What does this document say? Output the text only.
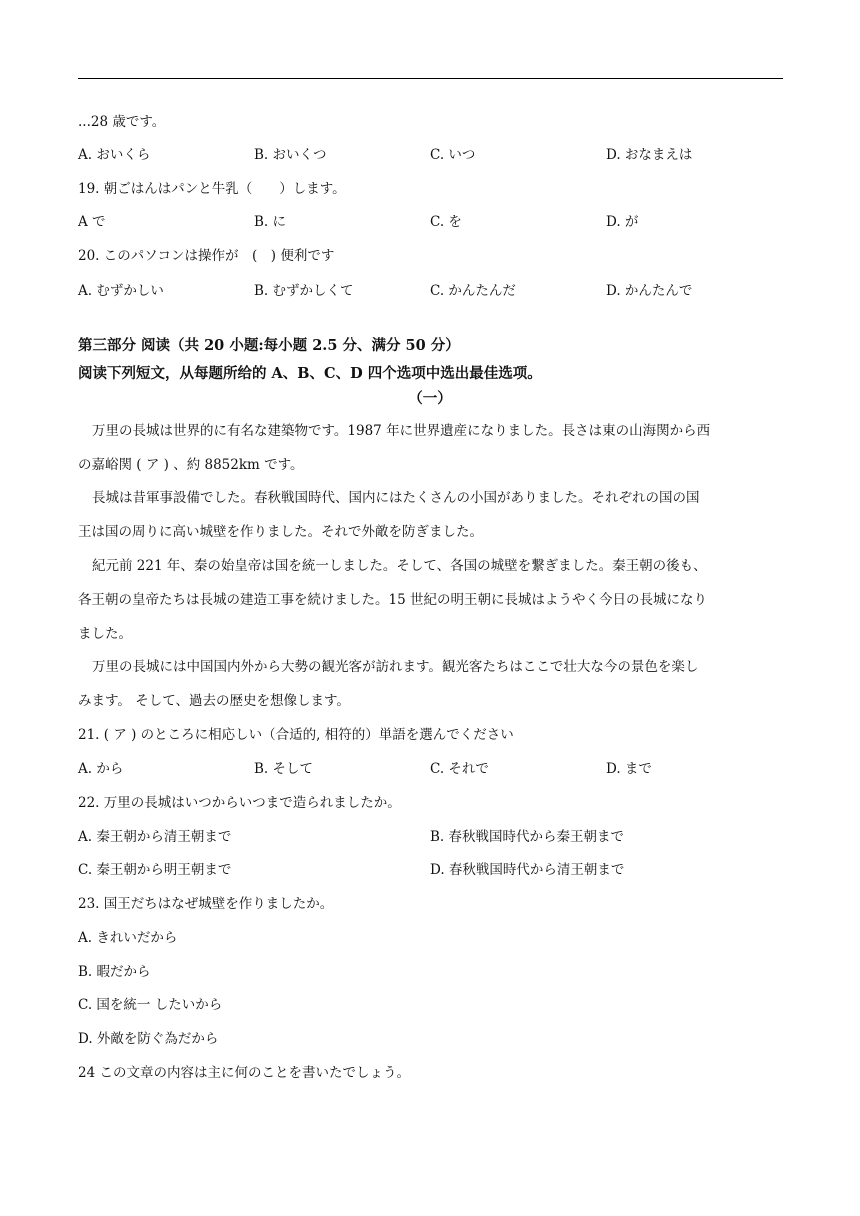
...28 歳です。
A. おいくら	B. おいくつ	C. いつ	D. おなまえは
19. 朝ごはんはパンと牛乳（　　）します。
A で	B. に	C. を	D. が
20. このパソコンは操作が　(　) 便利です
A. むずかしい	B. むずかしくて	C. かんたんだ	D. かんたんで
第三部分 阅读（共 20 小题:每小题 2.5 分、满分 50 分）
阅读下列短文，从每题所给的 A、B、C、D 四个选项中选出最佳选项。
（一）
万里の長城は世界的に有名な建築物です。1987 年に世界遺産になりました。長さは東の山海関から西
の嘉峪関 ( ア ) 、約 8852km です。
長城は昔軍事設備でした。春秋戦国時代、国内にはたくさんの小国がありました。それぞれの国の国
王は国の周りに高い城壁を作りました。それで外敵を防ぎました。
紀元前 221 年、秦の始皇帝は国を統一しました。そして、各国の城壁を繋ぎました。秦王朝の後も、
各王朝の皇帝たちは長城の建造工事を続けました。15 世紀の明王朝に長城はようやく今日の長城になり
ました。
万里の長城には中国国内外から大勢の観光客が訪れます。観光客たちはここで壮大な今の景色を楽し
みます。 そして、過去の歴史を想像します。
21. ( ア ) のところに相応しい（合适的, 相符的）単語を選んでください
A. から	B. そして	C. それで	D. まで
22. 万里の長城はいつからいつまで造られましたか。
A. 秦王朝から清王朝まで	B. 春秋戦国時代から秦王朝まで
C. 秦王朝から明王朝まで	D. 春秋戦国時代から清王朝まで
23. 国王だちはなぜ城壁を作りましたか。
A. きれいだから
B. 暇だから
C. 国を統一 したいから
D. 外敵を防ぐ為だから
24 この文章の内容は主に何のことを書いたでしょう。
